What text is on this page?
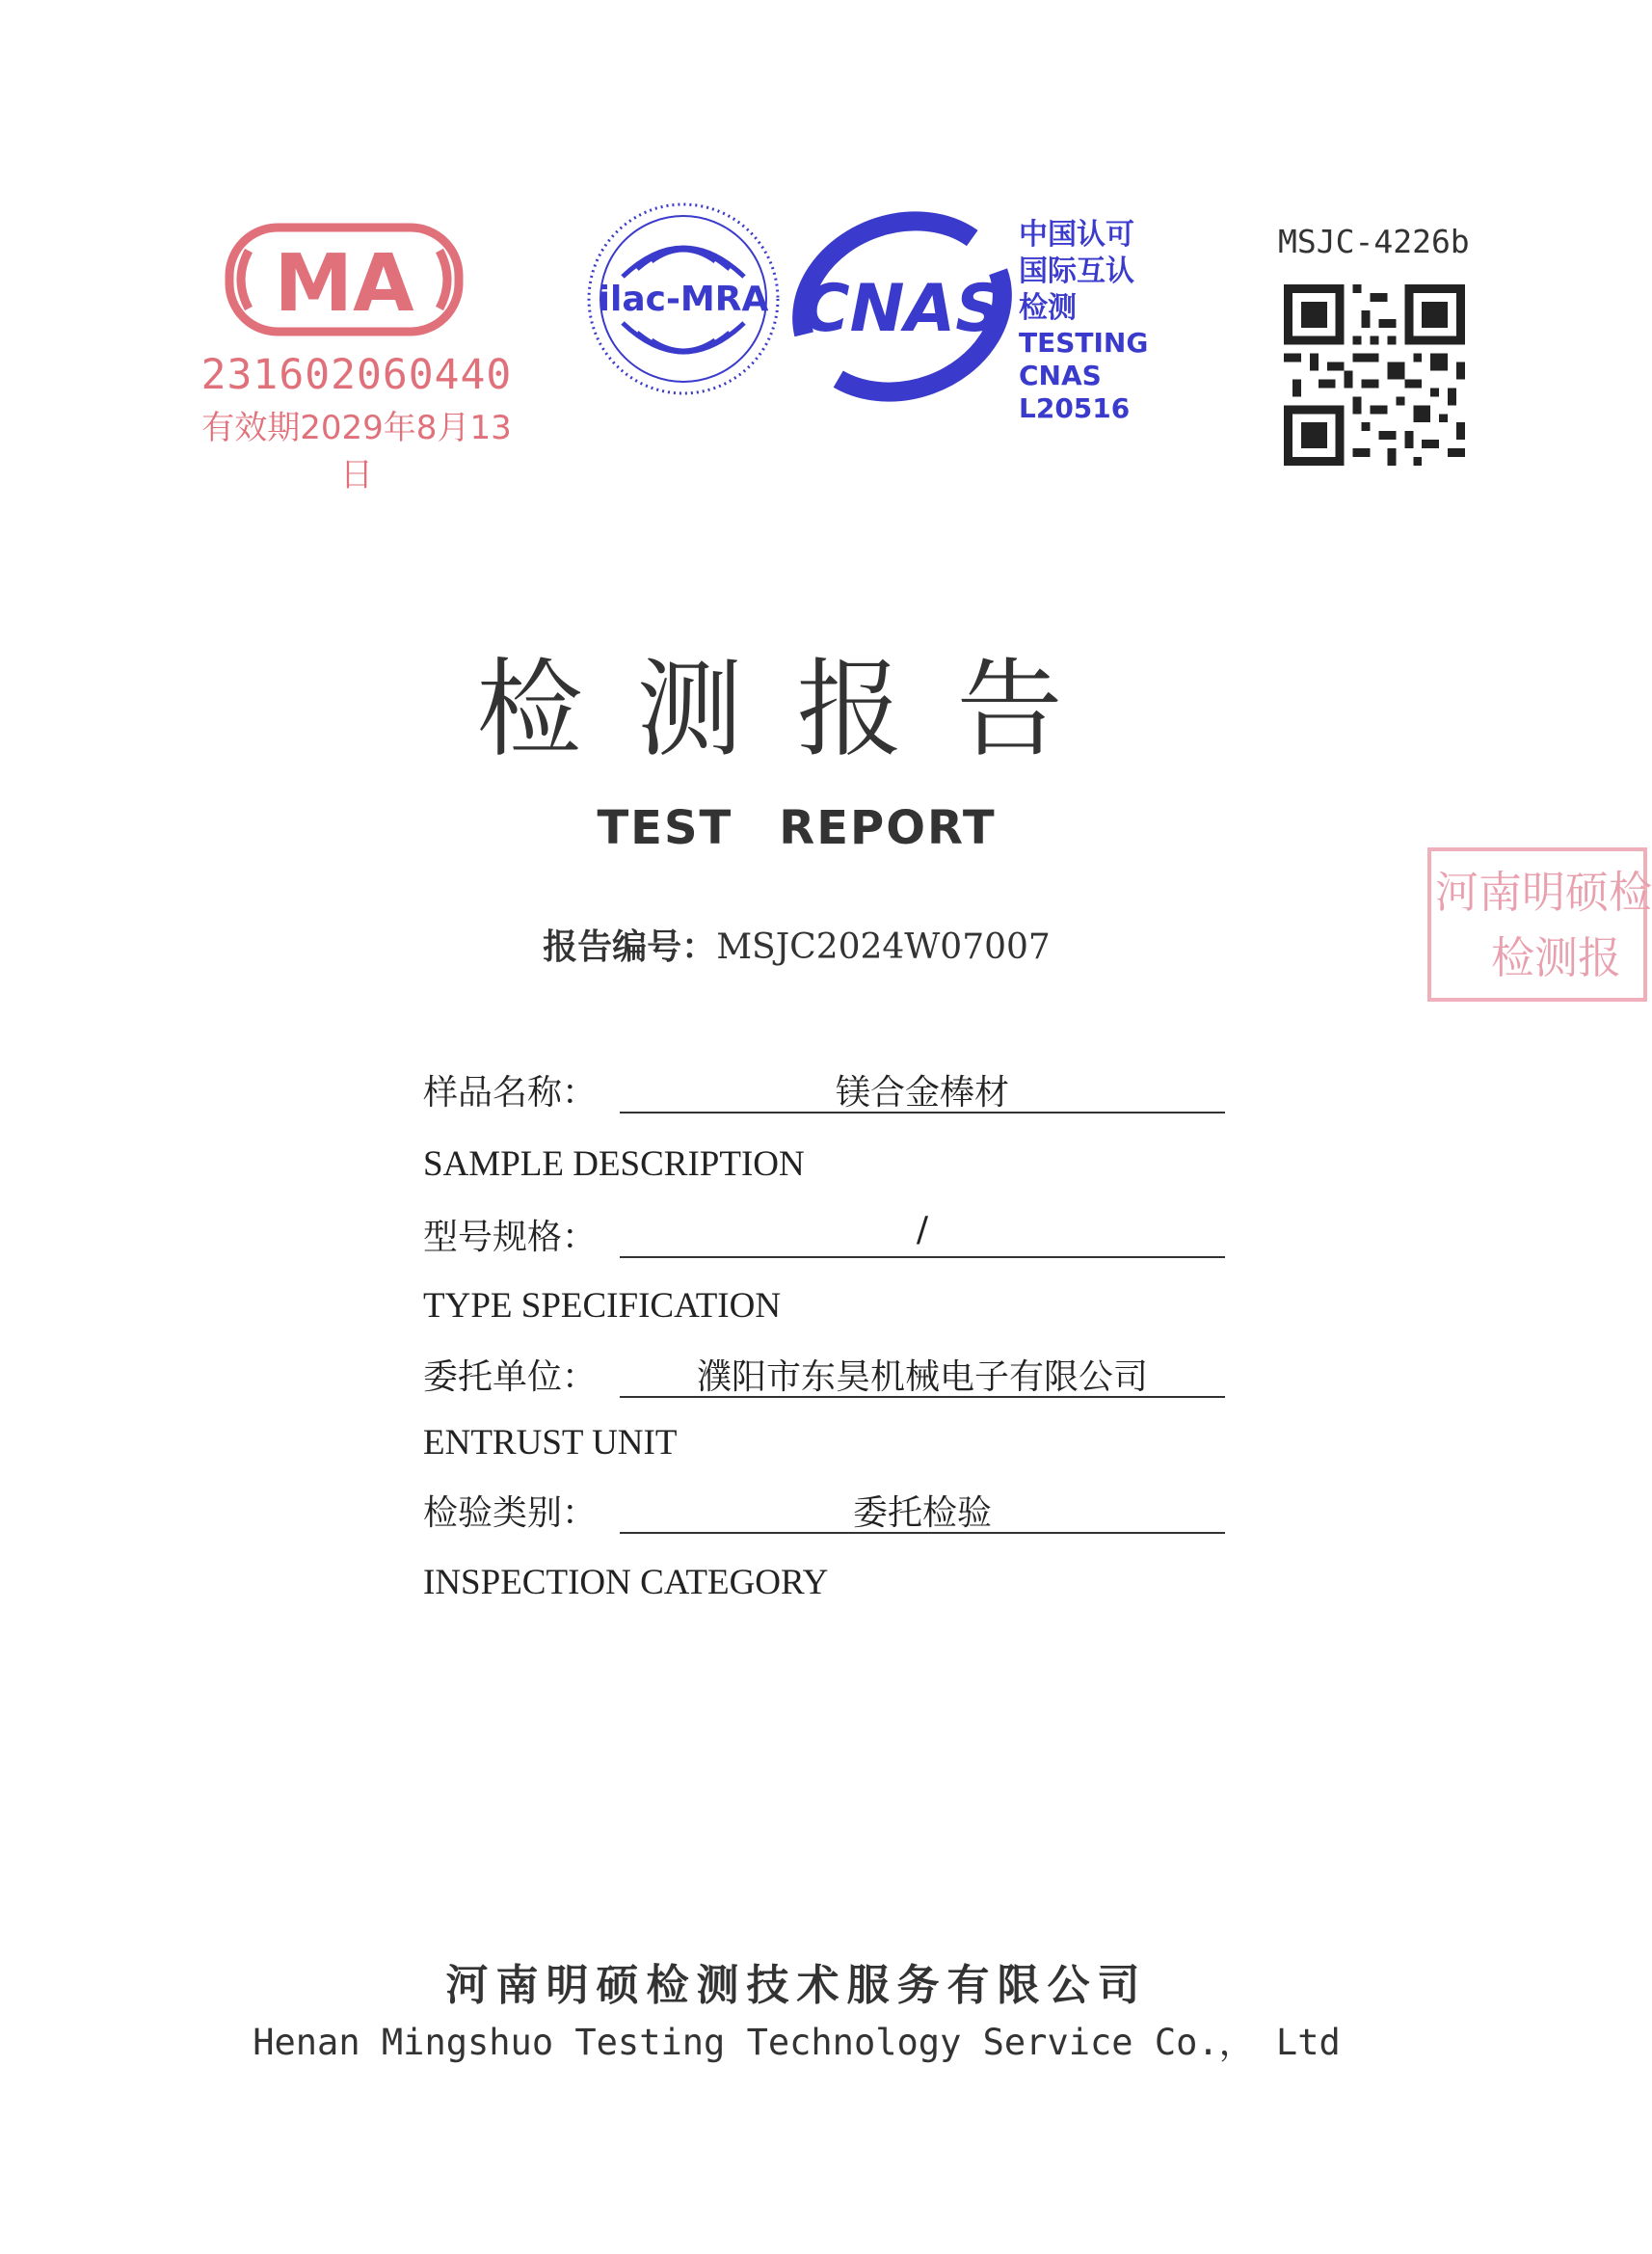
MA
231602060440
有效期2029年8月13日
ilac-MRA CNAS
中国认可
国际互认
检测
TESTING
CNAS L20516
MSJC-4226b
检测报告
TEST REPORT
报告编号：MSJC2024W07007
河南明硕检
检测报
样品名称：	镁合金棒材
SAMPLE DESCRIPTION
型号规格：	/
TYPE SPECIFICATION
委托单位：	濮阳市东昊机械电子有限公司
ENTRUST UNIT
检验类别：	委托检验
INSPECTION CATEGORY
河南明硕检测技术服务有限公司
Henan Mingshuo Testing Technology Service Co.， Ltd
